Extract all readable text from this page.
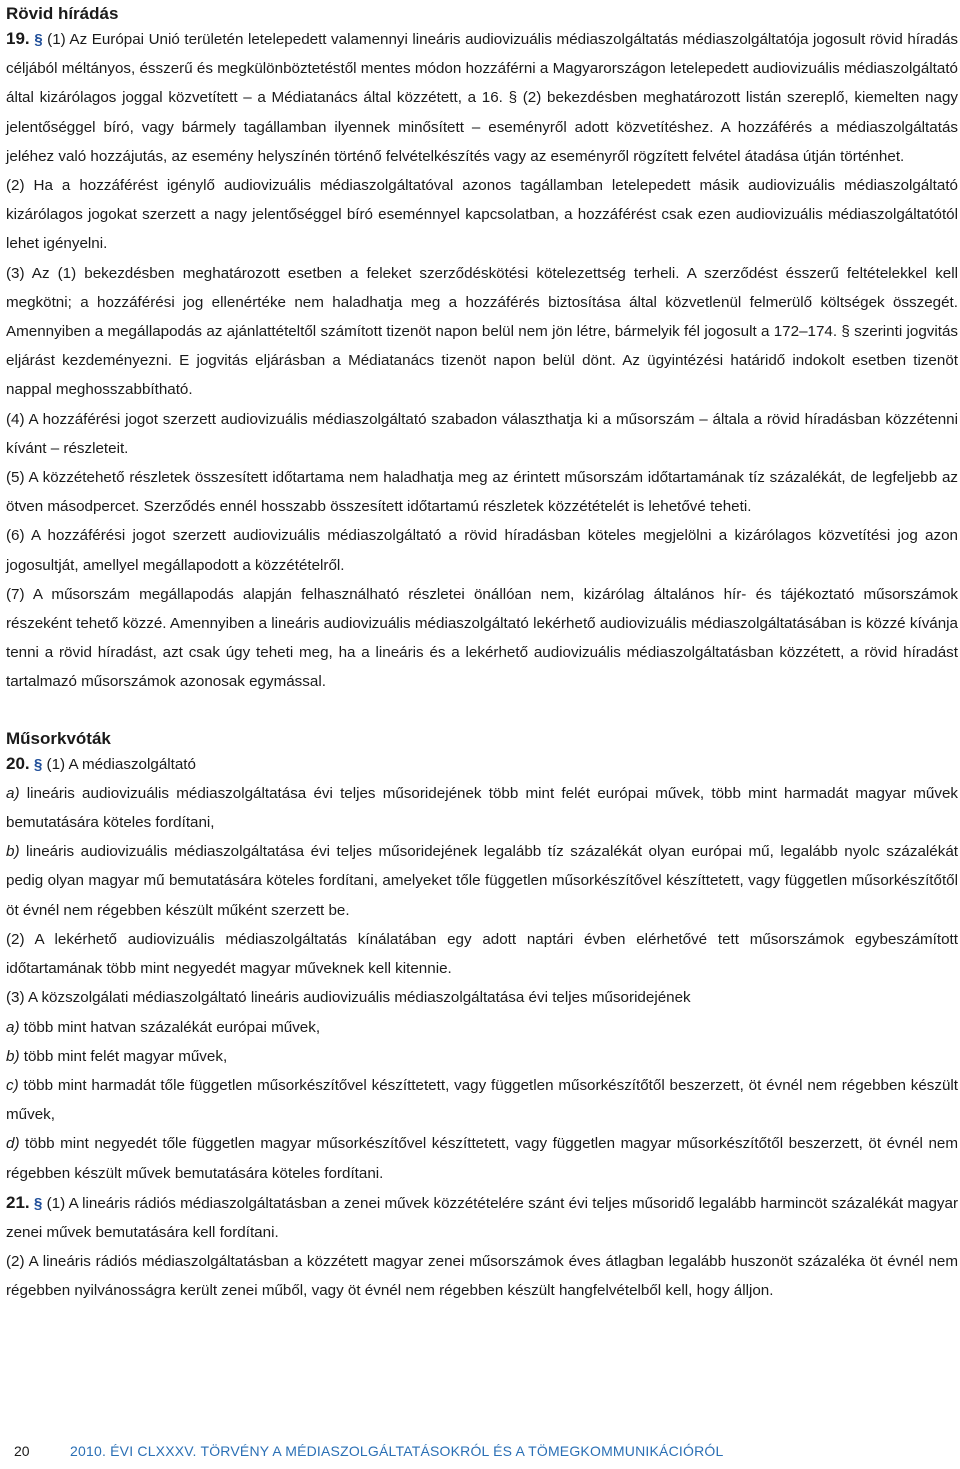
Rövid hírádás

19. § (1) Az Európai Unió területén letelepedett valamennyi lineáris audiovizuális médiaszolgáltatás médiaszolgáltatója jogosult rövid híradás céljából méltányos, ésszerű és megkülönböztetéstől mentes módon hozzáférni a Magyarországon letelepedett audiovizuális médiaszolgáltató által kizárólagos joggal közvetített – a Médiatanács által közzétett, a 16. § (2) bekezdésben meghatározott listán szereplő, kiemelten nagy jelentőséggel bíró, vagy bármely tagállamban ilyennek minősített – eseményről adott közvetítéshez. A hozzáférés a médiaszolgáltatás jeléhez való hozzájutás, az esemény helyszínén történő felvételkészítés vagy az eseményről rögzített felvétel átadása útján történhet.

(2) Ha a hozzáférést igénylő audiovizuális médiaszolgáltatóval azonos tagállamban letelepedett másik audiovizuális médiaszolgáltató kizárólagos jogokat szerzett a nagy jelentőséggel bíró eseménnyel kapcsolatban, a hozzáférést csak ezen audiovizuális médiaszolgáltatótól lehet igényelni.

(3) Az (1) bekezdésben meghatározott esetben a feleket szerződéskötési kötelezettség terheli. A szerződést ésszerű feltételekkel kell megkötni; a hozzáférési jog ellenértéke nem haladhatja meg a hozzáférés biztosítása által közvetlenül felmerülő költségek összegét. Amennyiben a megállapodás az ajánlattételtől számított tizenöt napon belül nem jön létre, bármelyik fél jogosult a 172–174. § szerinti jogvitás eljárást kezdeményezni. E jogvitás eljárásban a Médiatanács tizenöt napon belül dönt. Az ügyintézési határidő indokolt esetben tizenöt nappal meghosszabbítható.

(4) A hozzáférési jogot szerzett audiovizuális médiaszolgáltató szabadon választhatja ki a műsorszám – általa a rövid híradásban közzétenni kívánt – részleteit.

(5) A közzétehető részletek összesített időtartama nem haladhatja meg az érintett műsorszám időtartamának tíz százalékát, de legfeljebb az ötven másodpercet. Szerződés ennél hosszabb összesített időtartamú részletek közzétételét is lehetővé teheti.

(6) A hozzáférési jogot szerzett audiovizuális médiaszolgáltató a rövid híradásban köteles megjelölni a kizárólagos közvetítési jog azon jogosultját, amellyel megállapodott a közzétételről.

(7) A műsorszám megállapodás alapján felhasználható részletei önállóan nem, kizárólag általános hír- és tájékoztató műsorszámok részeként tehető közzé. Amennyiben a lineáris audiovizuális médiaszolgáltató lekérhető audiovizuális médiaszolgáltatásában is közzé kívánja tenni a rövid híradást, azt csak úgy teheti meg, ha a lineáris és a lekérhető audiovizuális médiaszolgáltatásban közzétett, a rövid híradást tartalmazó műsorszámok azonosak egymással.

Műsorkvóták

20. § (1) A médiaszolgáltató

a) lineáris audiovizuális médiaszolgáltatása évi teljes műsoridejének több mint felét európai művek, több mint harmadát magyar művek bemutatására köteles fordítani,

b) lineáris audiovizuális médiaszolgáltatása évi teljes műsoridejének legalább tíz százalékát olyan európai mű, legalább nyolc százalékát pedig olyan magyar mű bemutatására köteles fordítani, amelyeket tőle független műsorkészítővel készíttetett, vagy független műsorkészítőtől öt évnél nem régebben készült műként szerzett be.

(2) A lekérhető audiovizuális médiaszolgáltatás kínálatában egy adott naptári évben elérhetővé tett műsorszámok egybeszámított időtartamának több mint negyedét magyar műveknek kell kitennie.

(3) A közszolgálati médiaszolgáltató lineáris audiovizuális médiaszolgáltatása évi teljes műsoridejének

a) több mint hatvan százalékát európai művek,

b) több mint felét magyar művek,

c) több mint harmadát tőle független műsorkészítővel készíttetett, vagy független műsorkészítőtől beszerzett, öt évnél nem régebben készült művek,

d) több mint negyedét tőle független magyar műsorkészítővel készíttetett, vagy független magyar műsorkészítőtől beszerzett, öt évnél nem régebben készült művek bemutatására köteles fordítani.

21. § (1) A lineáris rádiós médiaszolgáltatásban a zenei művek közzétételére szánt évi teljes műsoridő legalább harmincöt százalékát magyar zenei művek bemutatására kell fordítani.

(2) A lineáris rádiós médiaszolgáltatásban a közzétett magyar zenei műsorszámok éves átlagban legalább huszonöt százaléka öt évnél nem régebben nyilvánosságra került zenei műből, vagy öt évnél nem régebben készült hangfelvételből kell, hogy álljon.

20	2010. ÉVI CLXXXV. TÖRVÉNY A MÉDIASZOLGÁLTATÁSOKRÓL ÉS A TÖMEGKOMMUNIKÁCIÓRÓL
